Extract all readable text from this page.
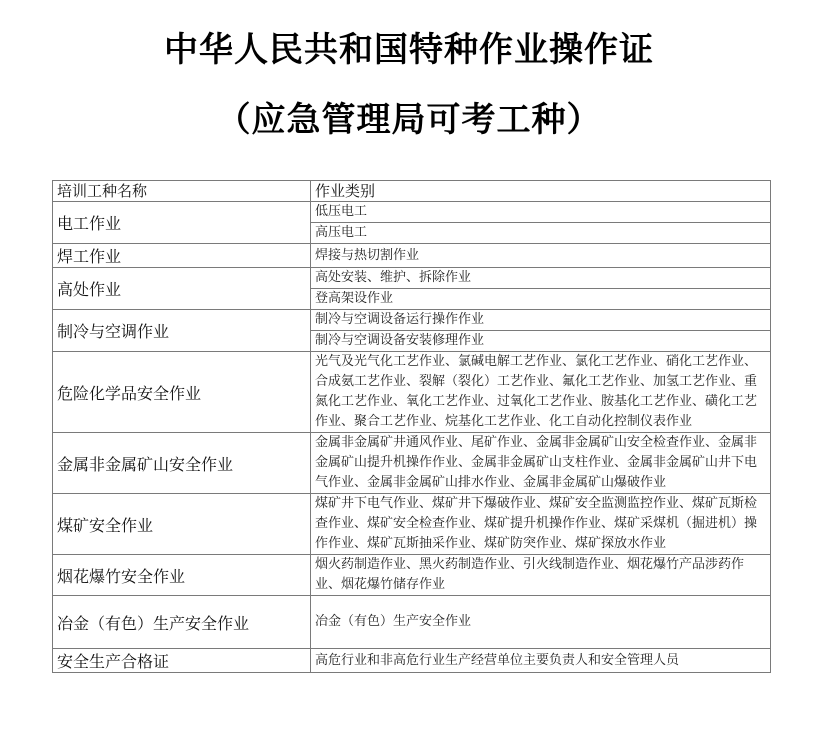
中华人民共和国特种作业操作证
（应急管理局可考工种）
培训工种名称	作业类别
电工作业	低压电工
	高压电工
焊工作业	焊接与热切割作业
高处作业	高处安装、维护、拆除作业
	登高架设作业
制冷与空调作业	制冷与空调设备运行操作作业
	制冷与空调设备安装修理作业
危险化学品安全作业	光气及光气化工艺作业、氯碱电解工艺作业、氯化工艺作业、硝化工艺作业、合成氨工艺作业、裂解（裂化）工艺作业、氟化工艺作业、加氢工艺作业、重氮化工艺作业、氧化工艺作业、过氧化工艺作业、胺基化工艺作业、磺化工艺作业、聚合工艺作业、烷基化工艺作业、化工自动化控制仪表作业
金属非金属矿山安全作业	金属非金属矿井通风作业、尾矿作业、金属非金属矿山安全检查作业、金属非金属矿山提升机操作作业、金属非金属矿山支柱作业、金属非金属矿山井下电气作业、金属非金属矿山排水作业、金属非金属矿山爆破作业
煤矿安全作业	煤矿井下电气作业、煤矿井下爆破作业、煤矿安全监测监控作业、煤矿瓦斯检查作业、煤矿安全检查作业、煤矿提升机操作作业、煤矿采煤机（掘进机）操作作业、煤矿瓦斯抽采作业、煤矿防突作业、煤矿探放水作业
烟花爆竹安全作业	烟火药制造作业、黑火药制造作业、引火线制造作业、烟花爆竹产品涉药作业、烟花爆竹储存作业
冶金（有色）生产安全作业	冶金（有色）生产安全作业
安全生产合格证	高危行业和非高危行业生产经营单位主要负责人和安全管理人员
